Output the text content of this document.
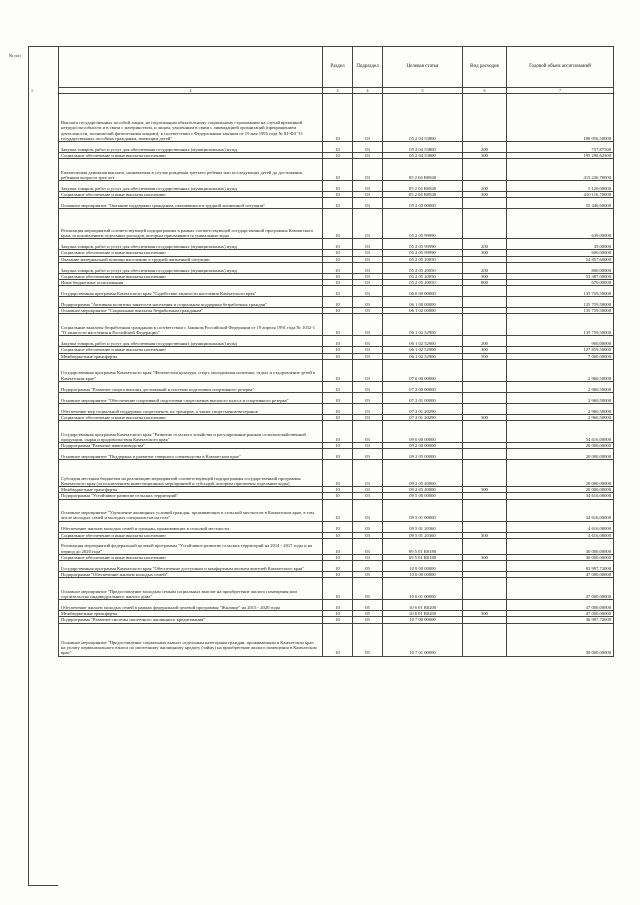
№ п/п	Раздел	Подраздел	Целевая статья	Вид расходов	Годовой объем ассигнований

1 2	3	4	5	6	7
Выплата государственных пособий лицам, не подлежащим обязательному социальному страхованию на случай временной нетрудоспособности и в связи с материнством, и лицам, уволенным в связи с ликвидацией организаций (прекращением деятельности, полномочий физическими лицами), в соответствии с Федеральным законом от 19 мая 1995 года № 81-ФЗ "О государственных пособиях гражданам, имеющим детей"	10	03	05 2 04 53800		196 056,50000
Закупка товаров, работ и услуг для обеспечения государственных (муниципальных) нужд	10	03	05 2 04 53800	200	757,87500
Социальное обеспечение и иные выплаты населению	10	03	05 2 04 53800	300	195 298,62500
Ежемесячная денежная выплата, назначаемая в случае рождения третьего ребенка или последующих детей до достижения ребенком возраста трех лет	10	03	05 2 04 R0840		415 236,70000
Закупка товаров, работ и услуг для обеспечения государственных (муниципальных) нужд	10	03	05 2 04 R0840	200	5 120,00000
Социальное обеспечение и иные выплаты населению	10	03	05 2 04 R0840	300	410 116,70000
Основное мероприятие "Оказание поддержки гражданам, оказавшимся в трудной жизненной ситуации"	10	03	05 2 05 00000		55 446,60000
Реализация мероприятий соответствующей подпрограммы в рамках соответствующей государственной программы Камчатского края, за исключением отдельных расходов, которым присваиваются уникальные коды	10	03	05 2 05 99990		639,00000
Закупка товаров, работ и услуг для обеспечения государственных (муниципальных) нужд	10	03	05 2 05 99990	200	39,00000
Социальное обеспечение и иные выплаты населению	10	03	05 2 05 99990	300	600,00000
Оказание материальной помощи населению в трудной жизненной ситуации	10	03	05 2 05 20050		54 857,60000
Закупка товаров, работ и услуг для обеспечения государственных (муниципальных) нужд	10	03	05 2 05 20050	200	800,00000
Социальное обеспечение и иные выплаты населению	10	03	05 2 05 20050	300	53 387,00000
Иные бюджетные ассигнования	10	03	05 2 05 20050	800	670,00000
Государственная программа Камчатского края "Содействие занятости населения Камчатского края"	10	03	06 0 00 00000		135 759,50000
Подпрограмма "Активная политика занятости населения и социальная поддержка безработных граждан"	10	03	06 1 00 00000		135 759,50000
Основное мероприятие "Социальные выплаты безработным гражданам"	10	03	06 1 02 00000		135 759,50000
Социальные выплаты безработным гражданам в соответствии с Законом Российской Федерации от 19 апреля 1991 года № 1032-1 "О занятости населения в Российской Федерации"	10	03	06 1 02 52900		135 759,50000
Закупка товаров, работ и услуг для обеспечения государственных (муниципальных) нужд	10	03	06 1 02 52900	200	900,00000
Социальное обеспечение и иные выплаты населению	10	03	06 1 02 52900	300	127 859,50000
Межбюджетные трансферты	10	03	06 1 02 52900	500	7 000,00000
Государственная программа Камчатского края "Физическая культура, спорт, молодежная политика, отдых и оздоровление детей в Камчатском крае"	10	03	07 0 00 00000		2 960,50000
Подпрограмма "Развитие спорта высших достижений и системы подготовки спортивного резерва"	10	03	07 2 00 00000		2 960,50000
Основное мероприятие "Обеспечение спортивной подготовки спортсменов высокого класса и спортивного резерва"	10	03	07 2 01 00000		2 960,50000
Обеспечение мер социальной поддержки спортсменов, их тренеров, а также спортсменов-ветеранов	10	03	07 2 01 20290		2 960,50000
Социальное обеспечение и иные выплаты населению	10	03	07 2 01 20290	300	2 960,50000
Государственная программа Камчатского края "Развитие сельского хозяйства и регулирование рынков сельскохозяйственной продукции, сырья и продовольствия Камчатского края"	10	03	09 0 00 00000		54 616,00000
Подпрограмма "Развитие животноводства"	10	03	09 2 00 00000		20 000,00000
Основное мероприятие "Поддержка и развитие северного оленеводства в Камчатском крае"	10	03	09 2 05 00000		20 000,00000
Субсидии местным бюджетам на реализацию мероприятий соответствующей подпрограммы государственной программы Камчатского края (за исключением инвестиционных мероприятий и субсидий, которым присвоены отдельные коды)	10	03	09 2 05 40000		20 000,00000
Межбюджетные трансферты	10	03	09 2 05 40000	500	20 000,00000
Подпрограмма "Устойчивое развитие сельских территорий"	10	03	09 5 00 00000		34 616,00000
Основное мероприятие "Улучшение жилищных условий граждан, проживающих в сельской местности в Камчатском крае, в том числе молодых семей и молодых специалистов на селе"	10	03	09 5 01 00000		34 616,00000
Обеспечение жильем молодых семей и граждан, проживающих в сельской местности	10	03	09 5 01 20360		4 616,00000
Социальное обеспечение и иные выплаты населению	10	03	09 5 01 20360	300	4 616,00000
Реализация мероприятий федеральной целевой программы "Устойчивое развитие сельских территорий на 2014 - 2017 годы и на период до 2020 года"	10	03	09 5 01 R0180		30 000,00000
Социальное обеспечение и иные выплаты населению	10	03	09 5 01 R0180	300	30 000,00000
Государственная программа Камчатского края "Обеспечение доступным и комфортным жильем жителей Камчатского края"	10	05	10 0 00 00000		83 997,72000
Подпрограмма "Обеспечение жильем молодых семей"	10	05	10 6 00 00000		47 000,00000
Основное мероприятие "Предоставление молодым семьям социальных выплат на приобретение жилого помещения или строительство индивидуального жилого дома"	10	05	10 6 01 00000		47 000,00000
Обеспечение жильем молодых семей в рамках федеральной целевой программы "Жилище" на 2015 - 2020 годы	10	05	10 6 01 R0200		47 000,00000
Межбюджетные трансферты	10	05	10 6 01 R0200	500	47 000,00000
Подпрограмма "Развитие системы ипотечного жилищного кредитования"	10	05	10 7 00 00000		36 997,72000
Основное мероприятие "Предоставление социальных выплат отдельным категориям граждан, проживающим в Камчатском крае, на уплату первоначального взноса по ипотечному жилищному кредиту (займу) на приобретение жилого помещения в Камчатском крае"	10	05	10 7 01 00000		30 000,00000
